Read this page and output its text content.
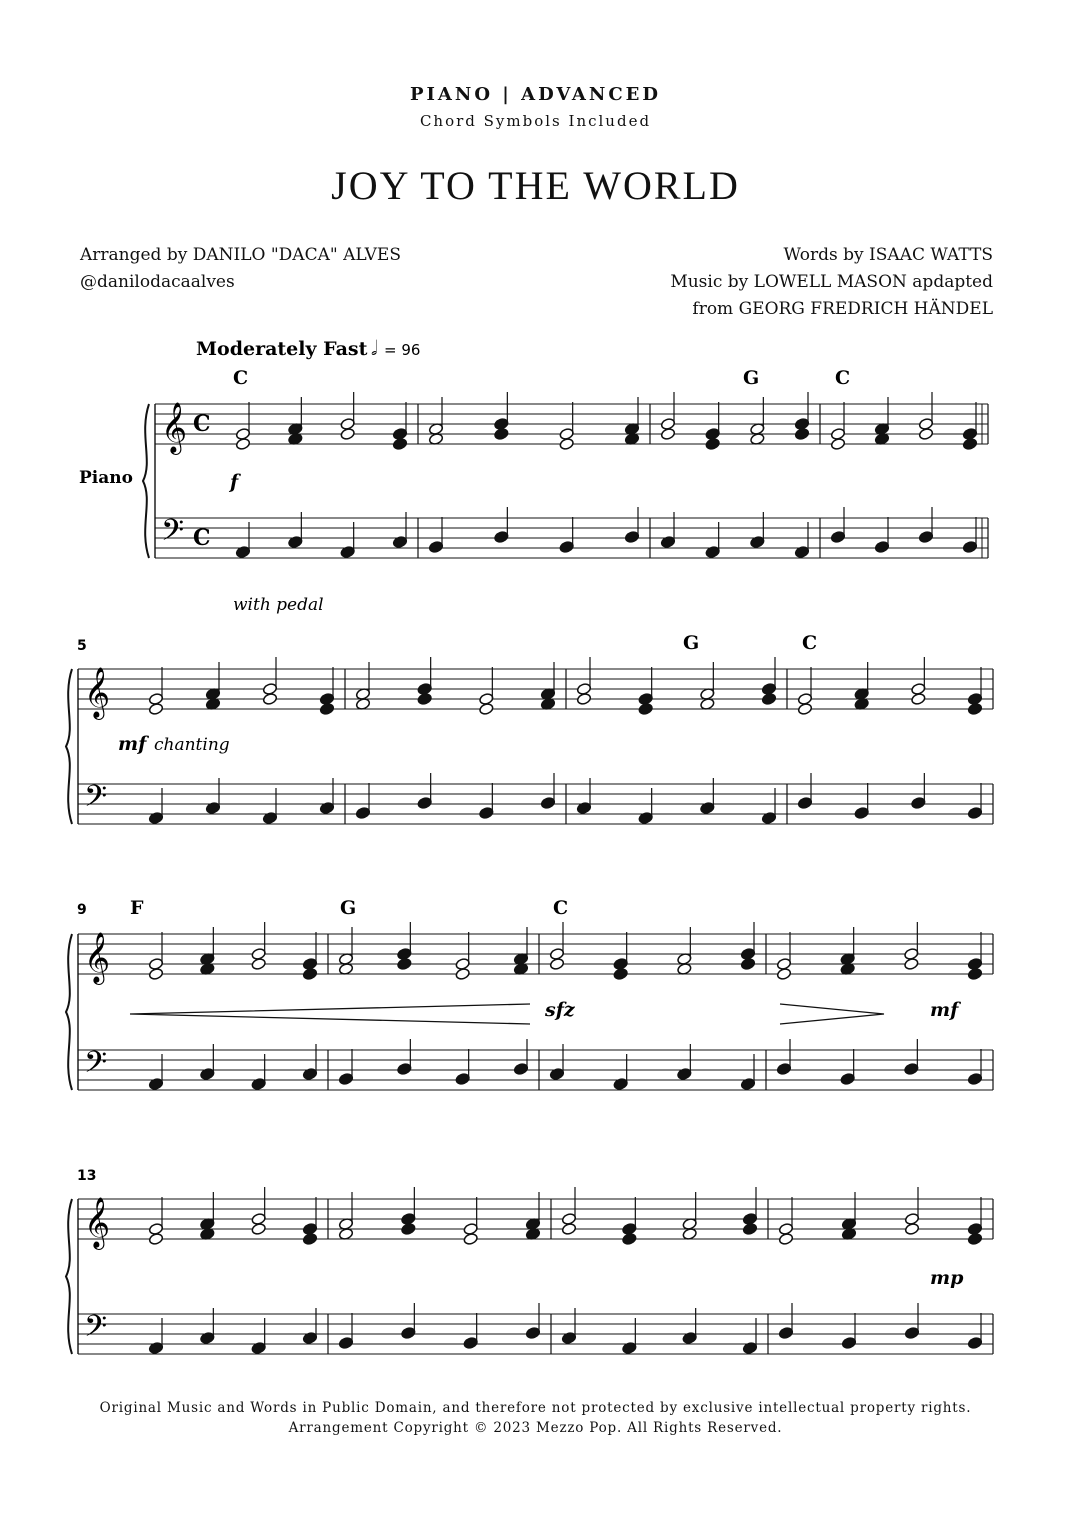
PIANO | ADVANCED
Chord Symbols Included
JOY TO THE WORLD
Arranged by DANILO "DACA" ALVES
@danilodacaalves
Words by ISAAC WATTS
Music by LOWELL MASON apdapted
from GEORG FREDRICH HÄNDEL
𝄞
𝄢
C
C
𝄞
𝄢
𝄞
𝄢
𝄞
𝄢
Moderately Fast 𝅗𝅥 = 96
Piano
5
9
13
C	G	C
G	C
F	G	C
f
mf
sfz	mf
mp
with pedal
chanting
Original Music and Words in Public Domain, and therefore not protected by exclusive intellectual property rights.
Arrangement Copyright © 2023 Mezzo Pop. All Rights Reserved.
